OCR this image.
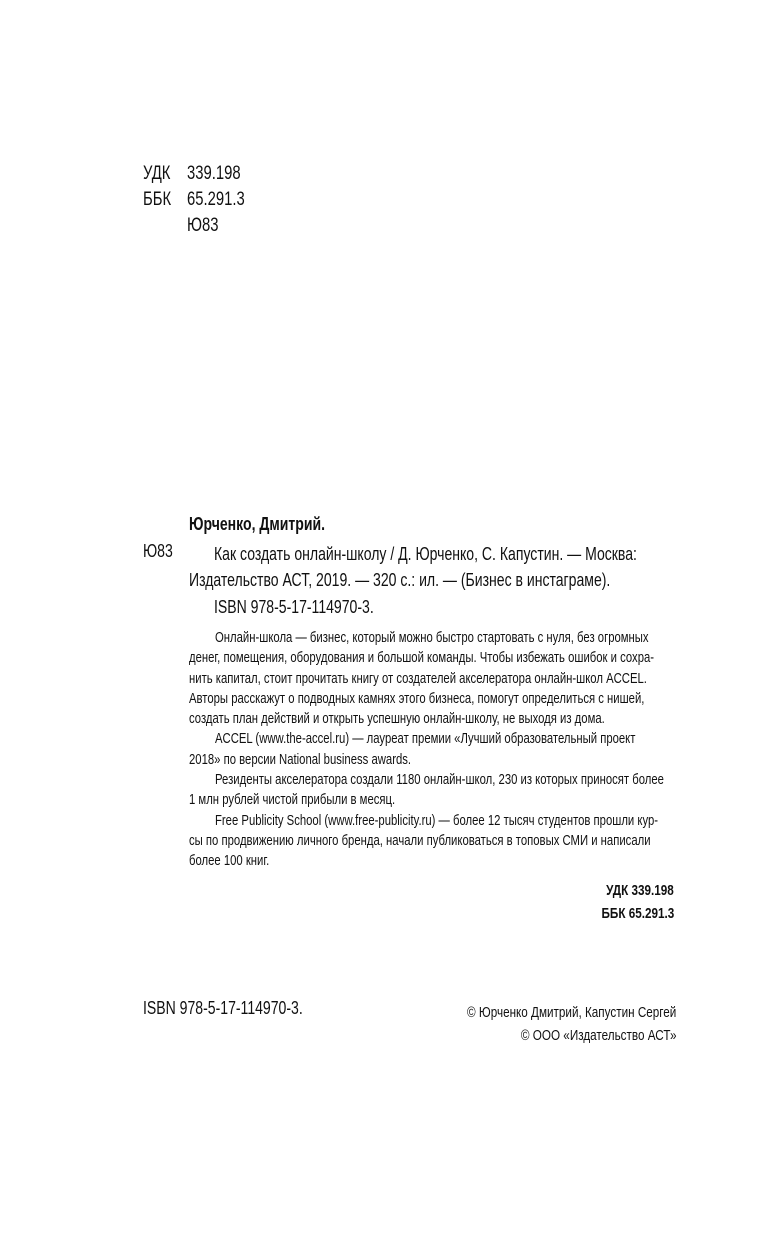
УДК 339.198
ББК 65.291.3
Ю83
Юрченко, Дмитрий.
Ю83	Как создать онлайн-школу / Д. Юрченко, С. Капустин. — Москва:
Издательство АСТ, 2019. — 320 с.: ил. — (Бизнес в инстаграме).
ISBN 978-5-17-114970-3.
Онлайн-школа — бизнес, который можно быстро стартовать с нуля, без огромных
денег, помещения, оборудования и большой команды. Чтобы избежать ошибок и сохра-
нить капитал, стоит прочитать книгу от создателей акселератора онлайн-школ ACCEL.
Авторы расскажут о подводных камнях этого бизнеса, помогут определиться с нишей,
создать план действий и открыть успешную онлайн-школу, не выходя из дома.
ACCEL (www.the-accel.ru) — лауреат премии «Лучший образовательный проект
2018» по версии National business awards.
Резиденты акселератора создали 1180 онлайн-школ, 230 из которых приносят более
1 млн рублей чистой прибыли в месяц.
Free Publicity School (www.free-publicity.ru) — более 12 тысяч студентов прошли кур-
сы по продвижению личного бренда, начали публиковаться в топовых СМИ и написали
более 100 книг.
УДК 339.198
ББК 65.291.3
ISBN 978-5-17-114970-3.	© Юрченко Дмитрий, Капустин Сергей
© ООО «Издательство АСТ»
